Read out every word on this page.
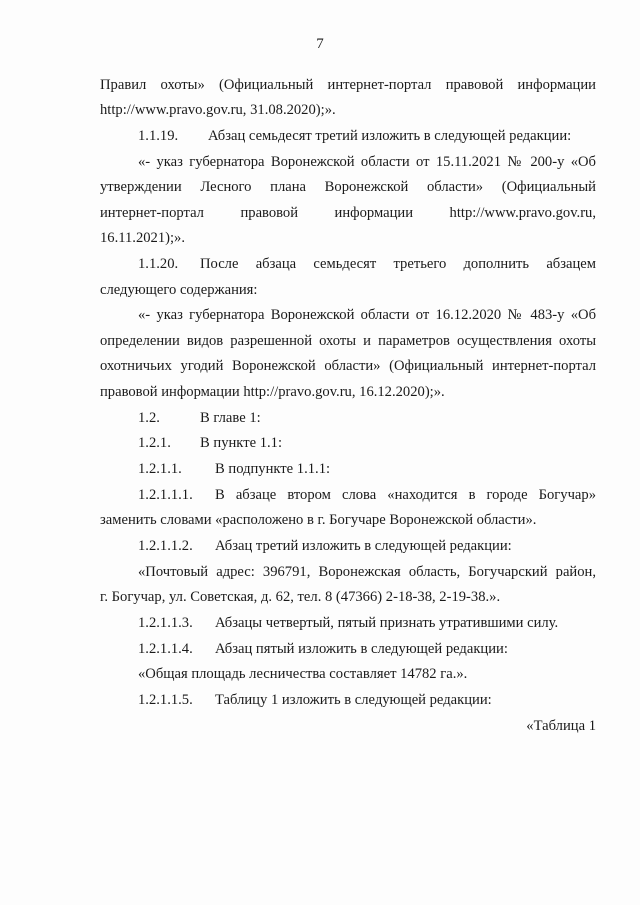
7
Правил охоты» (Официальный интернет-портал правовой информации
http://www.pravo.gov.ru, 31.08.2020);».
1.1.19. Абзац семьдесят третий изложить в следующей редакции:
«- указ губернатора Воронежской области от 15.11.2021 № 200-у «Об
утверждении Лесного плана Воронежской области» (Официальный
интернет-портал правовой информации http://www.pravo.gov.ru,
16.11.2021);».
1.1.20. После абзаца семьдесят третьего дополнить абзацем
следующего содержания:
«- указ губернатора Воронежской области от 16.12.2020 № 483-у «Об
определении видов разрешенной охоты и параметров осуществления охоты
охотничьих угодий Воронежской области» (Официальный интернет-портал
правовой информации http://pravo.gov.ru, 16.12.2020);».
1.2.	В главе 1:
1.2.1. В пункте 1.1:
1.2.1.1. В подпункте 1.1.1:
1.2.1.1.1. В абзаце втором слова «находится в городе Богучар»
заменить словами «расположено в г. Богучаре Воронежской области».
1.2.1.1.2. Абзац третий изложить в следующей редакции:
«Почтовый адрес: 396791, Воронежская область, Богучарский район,
г. Богучар, ул. Советская, д. 62, тел. 8 (47366) 2-18-38, 2-19-38.».
1.2.1.1.3. Абзацы четвертый, пятый признать утратившими силу.
1.2.1.1.4. Абзац пятый изложить в следующей редакции:
«Общая площадь лесничества составляет 14782 га.».
1.2.1.1.5. Таблицу 1 изложить в следующей редакции:
«Таблица 1
